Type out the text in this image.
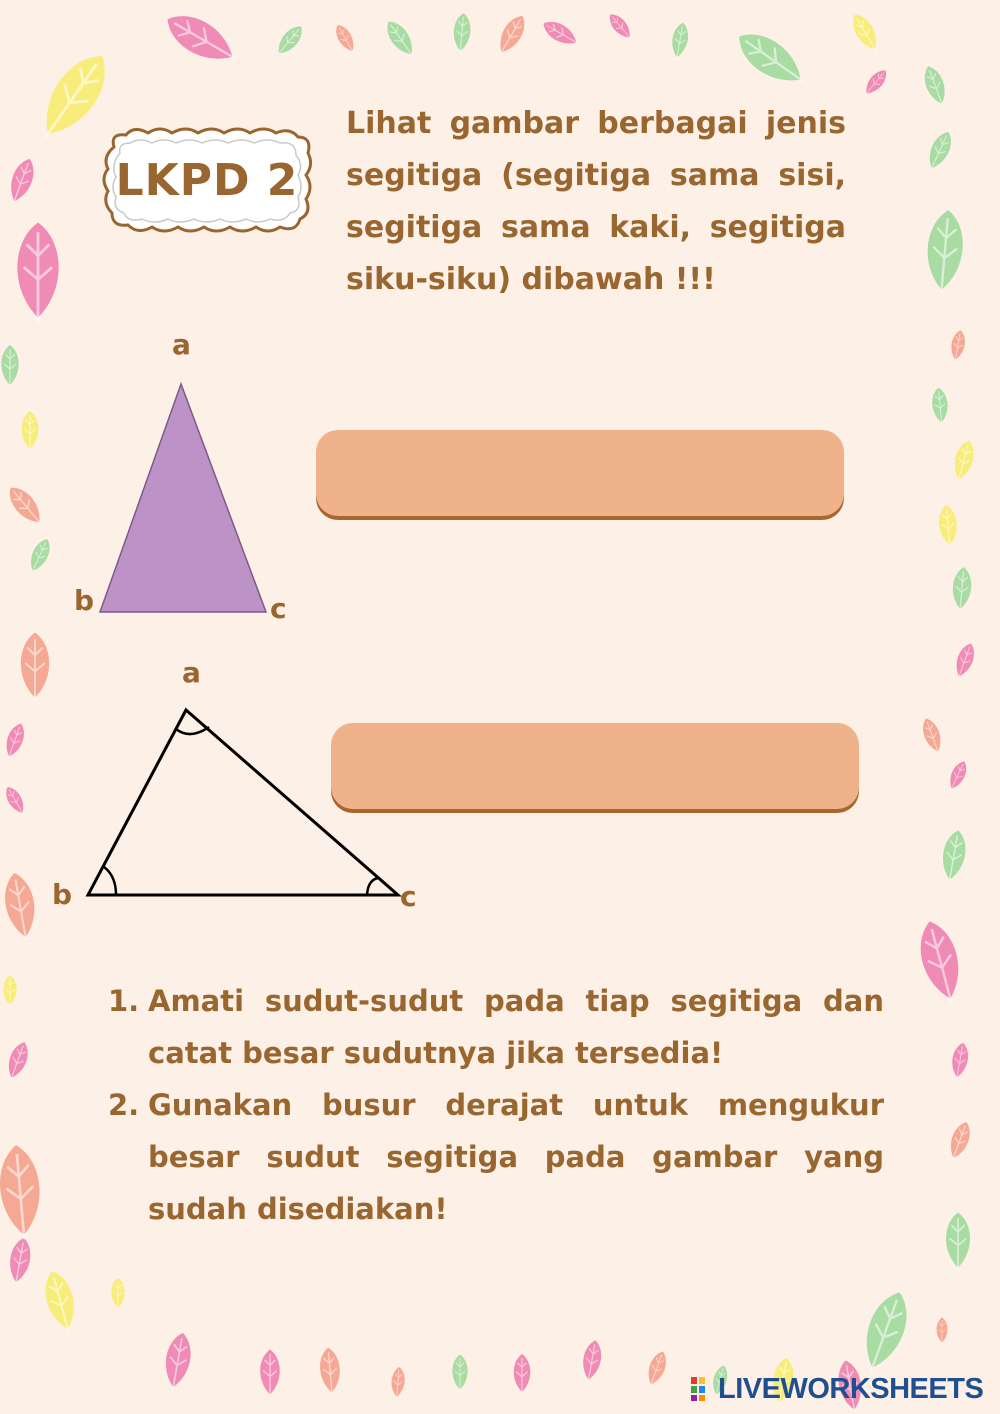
LKPD 2
Lihat gambar berbagai jenis segitiga (segitiga sama sisi, segitiga sama kaki, segitiga siku-siku) dibawah !!!
a
b	c
a
b	c
1. Amati sudut-sudut pada tiap segitiga dan catat besar sudutnya jika tersedia!
2. Gunakan busur derajat untuk mengukur besar sudut segitiga pada gambar yang sudah disediakan!
LIVEWORKSHEETS
